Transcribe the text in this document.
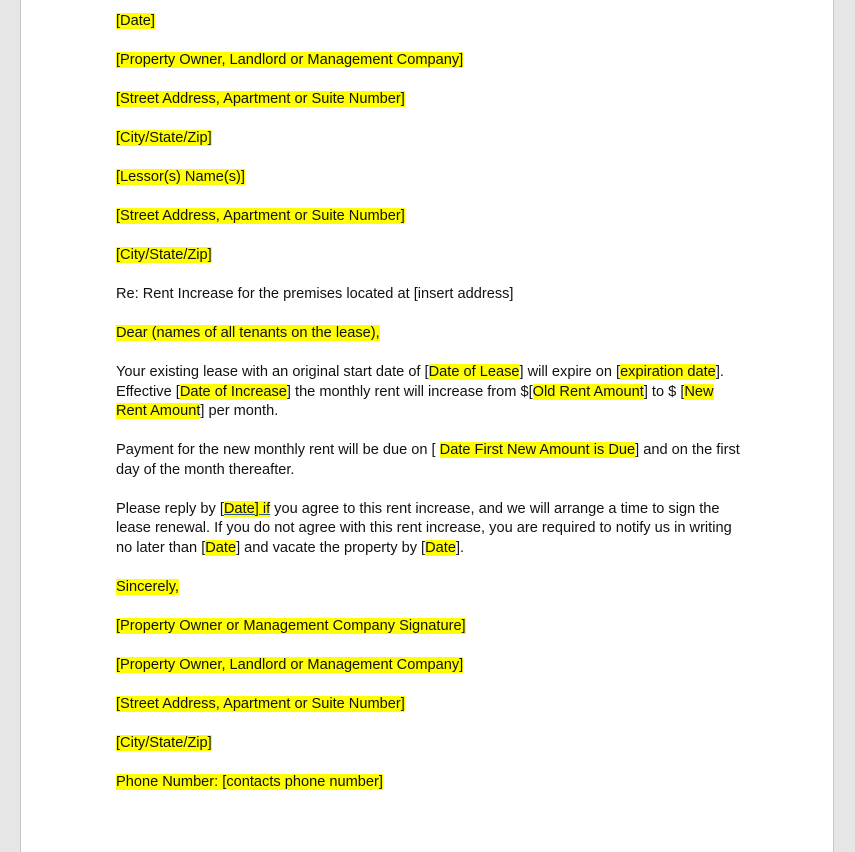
[Date]

[Property Owner, Landlord or Management Company]

[Street Address, Apartment or Suite Number]

[City/State/Zip]

[Lessor(s) Name(s)]

[Street Address, Apartment or Suite Number]

[City/State/Zip]

Re: Rent Increase for the premises located at [insert address]

Dear (names of all tenants on the lease),

Your existing lease with an original start date of [Date of Lease] will expire on [expiration date]. Effective [Date of Increase] the monthly rent will increase from $[Old Rent Amount] to $ [New Rent Amount] per month.

Payment for the new monthly rent will be due on [ Date First New Amount is Due] and on the first day of the month thereafter.

Please reply by [Date] if you agree to this rent increase, and we will arrange a time to sign the lease renewal. If you do not agree with this rent increase, you are required to notify us in writing no later than [Date] and vacate the property by [Date].

Sincerely,

[Property Owner or Management Company Signature]

[Property Owner, Landlord or Management Company]

[Street Address, Apartment or Suite Number]

[City/State/Zip]

Phone Number: [contacts phone number]
